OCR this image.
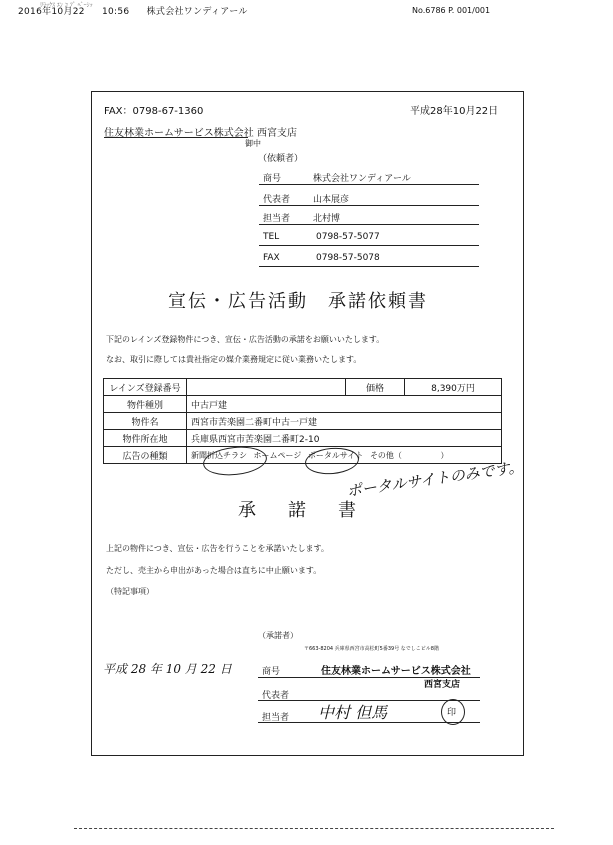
ﾘﾗｯｸｽ ｴﾝ ｺ ﾌﾟ ﾍﾞｰｼｯ
2016年10月22 10:56 株式会社ワンディアール	No.6786 P. 001/001
FAX：0798-67-1360
住友林業ホームサービス株式会社 西宮支店
御中
平成28年10月22日
（依頼者）
商号	株式会社ワンディアール
代表者	山本展彦
担当者	北村博
TEL	0798-57-5077
FAX	0798-57-5078
宣伝・広告活動　承諾依頼書
下記のレインズ登録物件につき、宣伝・広告活動の承諾をお願いいたします。
なお、取引に際しては貴社指定の媒介業務規定に従い業務いたします。
レインズ登録番号		価格	8,390万円
物件種別	中古戸建		
物件名	西宮市苦楽園二番町中古一戸建		
物件所在地	兵庫県西宮市苦楽園二番町2-10		
広告の種類	新聞折込チラシ ホームページ ポータルサイト その他（ ）		
ポータルサイトのみです。
承諾書
上記の物件につき、宣伝・広告を行うことを承諾いたします。
ただし、売主から申出があった場合は直ちに中止願います。
（特記事項）
（承諾者）
〒663-8204 兵庫県西宮市高松町5番39号 なでしこビル8階
平成 28 年 10 月 22 日	商号	住友林業ホームサービス株式会社
西宮支店
代表者
担当者 中村 但馬	印
